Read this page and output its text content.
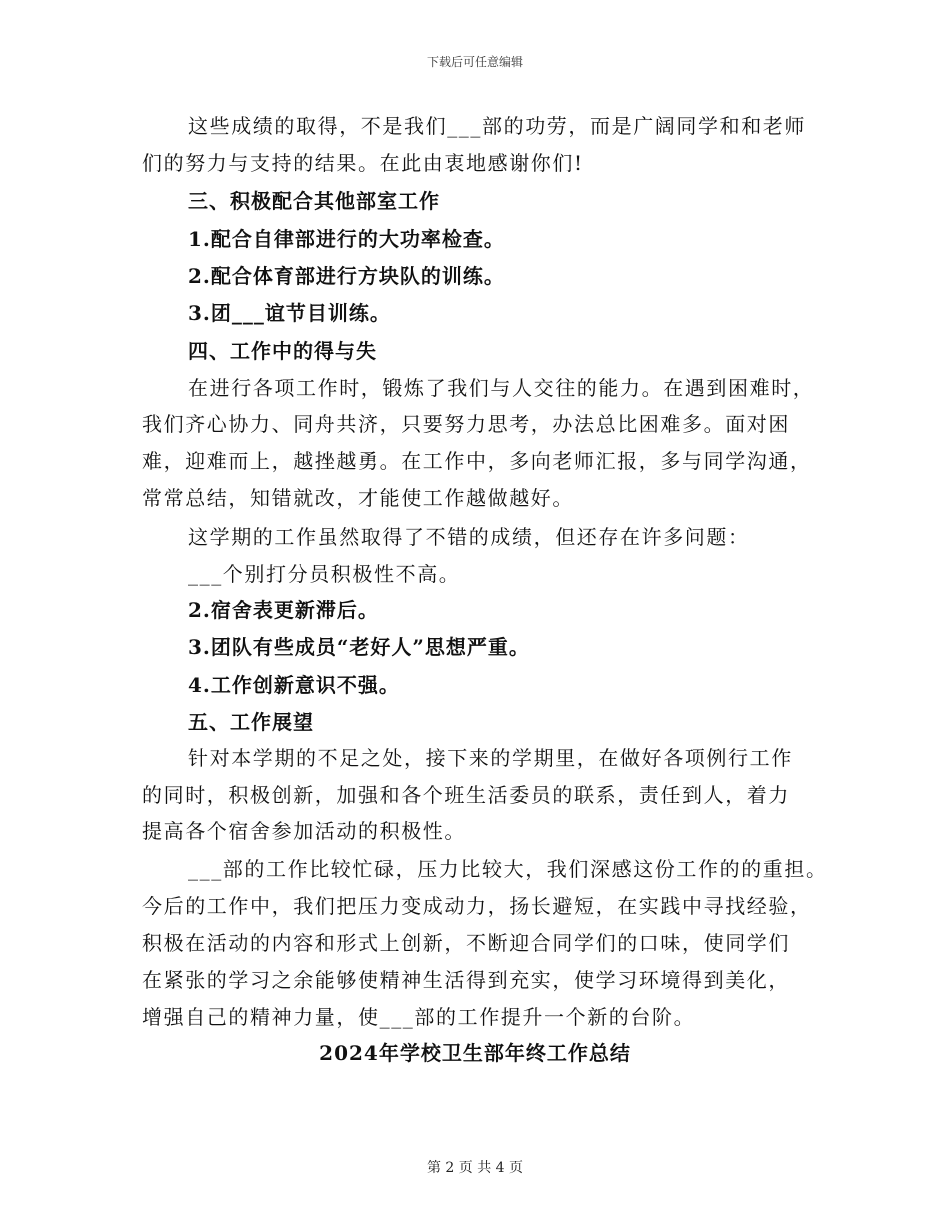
下载后可任意编辑
这些成绩的取得，不是我们___部的功劳，而是广阔同学和和老师
们的努力与支持的结果。在此由衷地感谢你们!
三、积极配合其他部室工作
1.配合自律部进行的大功率检查。
2.配合体育部进行方块队的训练。
3.团___谊节目训练。
四、工作中的得与失
在进行各项工作时，锻炼了我们与人交往的能力。在遇到困难时，
我们齐心协力、同舟共济，只要努力思考，办法总比困难多。面对困
难，迎难而上，越挫越勇。在工作中，多向老师汇报，多与同学沟通，
常常总结，知错就改，才能使工作越做越好。
这学期的工作虽然取得了不错的成绩，但还存在许多问题：
___个别打分员积极性不高。
2.宿舍表更新滞后。
3.团队有些成员“老好人”思想严重。
4.工作创新意识不强。
五、工作展望
针对本学期的不足之处，接下来的学期里，在做好各项例行工作
的同时，积极创新，加强和各个班生活委员的联系，责任到人，着力
提高各个宿舍参加活动的积极性。
___部的工作比较忙碌，压力比较大，我们深感这份工作的的重担。
今后的工作中，我们把压力变成动力，扬长避短，在实践中寻找经验，
积极在活动的内容和形式上创新，不断迎合同学们的口味，使同学们
在紧张的学习之余能够使精神生活得到充实，使学习环境得到美化，
增强自己的精神力量，使___部的工作提升一个新的台阶。
2024年学校卫生部年终工作总结
第 2 页 共 4 页
